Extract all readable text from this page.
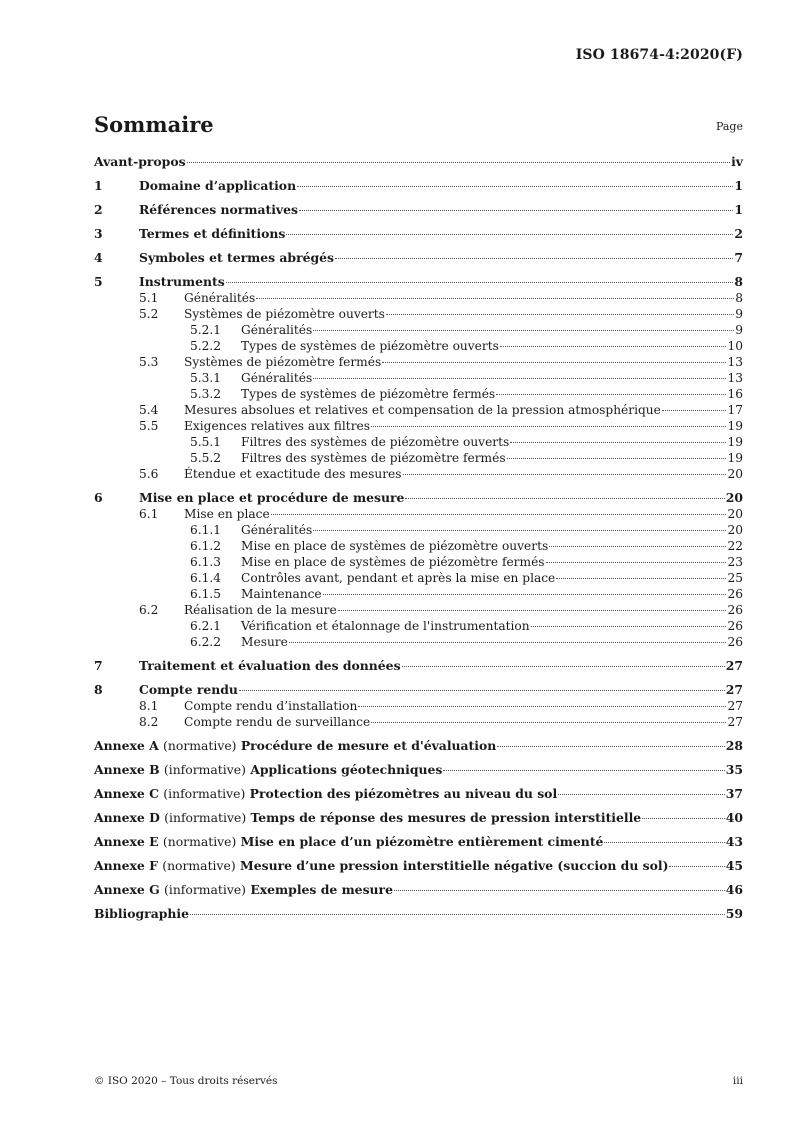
ISO 18674-4:2020(F)
Sommaire	Page
Avant-propos	iv
1	Domaine d’application	1
2	Références normatives	1
3	Termes et définitions	2
4	Symboles et termes abrégés	7
5	Instruments	8
5.1	Généralités	8
5.2	Systèmes de piézomètre ouverts	9
5.2.1	Généralités	9
5.2.2	Types de systèmes de piézomètre ouverts	10
5.3	Systèmes de piézomètre fermés	13
5.3.1	Généralités	13
5.3.2	Types de systèmes de piézomètre fermés	16
5.4	Mesures absolues et relatives et compensation de la pression atmosphérique	17
5.5	Exigences relatives aux filtres	19
5.5.1	Filtres des systèmes de piézomètre ouverts	19
5.5.2	Filtres des systèmes de piézomètre fermés	19
5.6	Étendue et exactitude des mesures	20
6	Mise en place et procédure de mesure	20
6.1	Mise en place	20
6.1.1	Généralités	20
6.1.2	Mise en place de systèmes de piézomètre ouverts	22
6.1.3	Mise en place de systèmes de piézomètre fermés	23
6.1.4	Contrôles avant, pendant et après la mise en place	25
6.1.5	Maintenance	26
6.2	Réalisation de la mesure	26
6.2.1	Vérification et étalonnage de l'instrumentation	26
6.2.2	Mesure	26
7	Traitement et évaluation des données	27
8	Compte rendu	27
8.1	Compte rendu d’installation	27
8.2	Compte rendu de surveillance	27
Annexe A (normative) Procédure de mesure et d'évaluation	28
Annexe B (informative) Applications géotechniques	35
Annexe C (informative) Protection des piézomètres au niveau du sol	37
Annexe D (informative) Temps de réponse des mesures de pression interstitielle	40
Annexe E (normative) Mise en place d’un piézomètre entièrement cimenté	43
Annexe F (normative) Mesure d’une pression interstitielle négative (succion du sol)	45
Annexe G (informative) Exemples de mesure	46
Bibliographie	59
© ISO 2020 – Tous droits réservés	iii
